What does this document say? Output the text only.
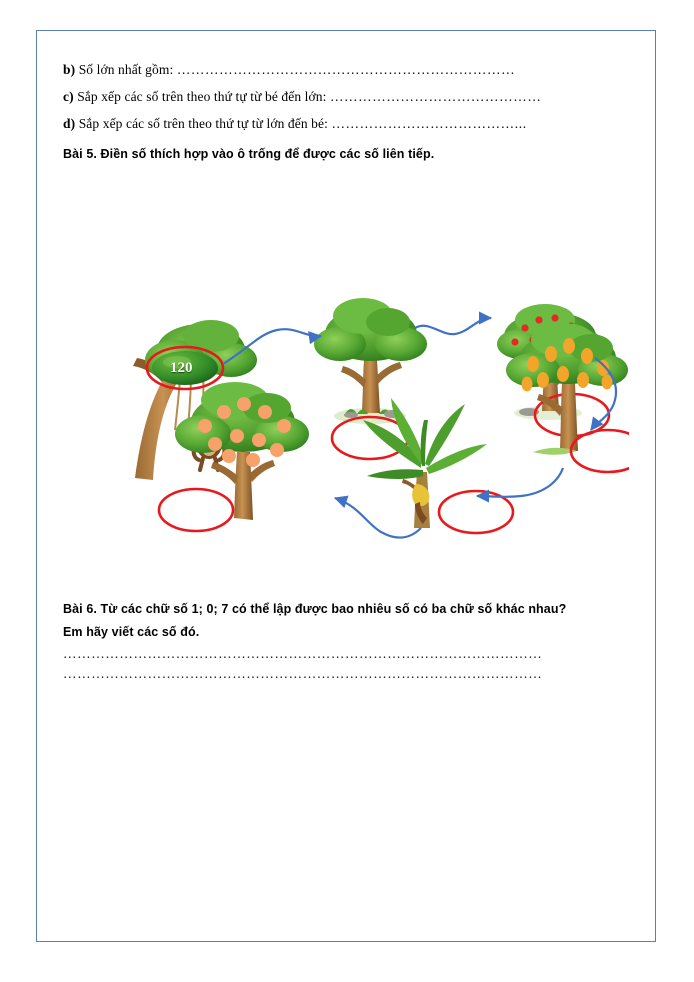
b) Số lớn nhất gồm: ………………………………………………………………
c) Sắp xếp các số trên theo thứ tự từ bé đến lớn: ………………………………………
d) Sắp xếp các số trên theo thứ tự từ lớn đến bé: …………………………………...
Bài 5. Điền số thích hợp vào ô trống để được các số liên tiếp.
120
Bài 6. Từ các chữ số 1; 0; 7 có thể lập được bao nhiêu số có ba chữ số khác nhau?
Em hãy viết các số đó.
…………………………………………………………………………………………
…………………………………………………………………………………………
